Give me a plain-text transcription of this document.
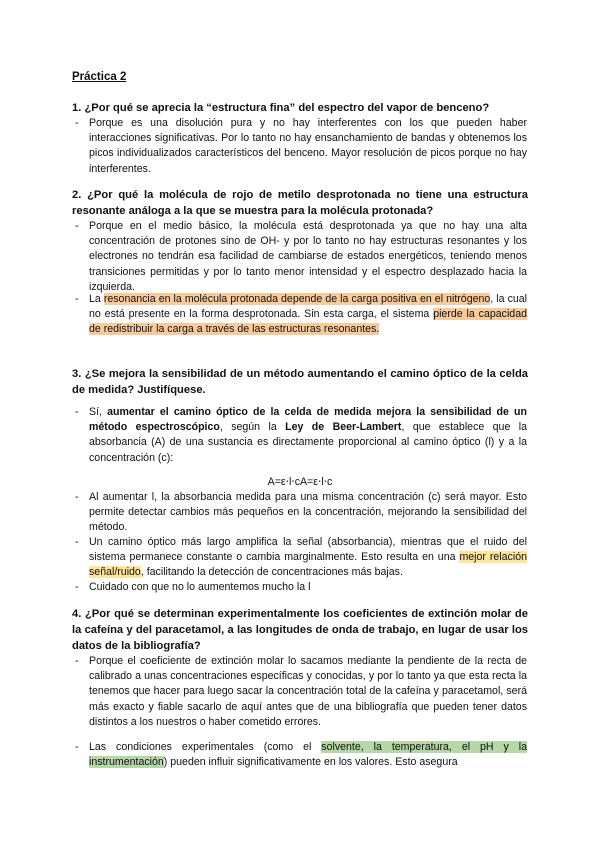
Práctica 2
1. ¿Por qué se aprecia la “estructura fina” del espectro del vapor de benceno?
- Porque es una disolución pura y no hay interferentes con los que pueden haber interacciones significativas. Por lo tanto no hay ensanchamiento de bandas y obtenemos los picos individualizados característicos del benceno. Mayor resolución de picos porque no hay interferentes.
2. ¿Por qué la molécula de rojo de metilo desprotonada no tiene una estructura resonante análoga a la que se muestra para la molécula protonada?
- Porque en el medio básico, la molécula está desprotonada ya que no hay una alta concentración de protones sino de OH- y por lo tanto no hay estructuras resonantes y los electrones no tendrán esa facilidad de cambiarse de estados energéticos, teniendo menos transiciones permitidas y por lo tanto menor intensidad y el espectro desplazado hacia la izquierda.
- La resonancia en la molécula protonada depende de la carga positiva en el nitrógeno, la cual no está presente en la forma desprotonada. Sin esta carga, el sistema pierde la capacidad de redistribuir la carga a través de las estructuras resonantes.
3. ¿Se mejora la sensibilidad de un método aumentando el camino óptico de la celda de medida? Justifíquese.
- Sí, aumentar el camino óptico de la celda de medida mejora la sensibilidad de un método espectroscópico, según la Ley de Beer-Lambert, que establece que la absorbancia (A) de una sustancia es directamente proporcional al camino óptico (l) y a la concentración (c):
A=ε⋅l⋅cA=ε⋅l⋅c
- Al aumentar l, la absorbancia medida para una misma concentración (c) será mayor. Esto permite detectar cambios más pequeños en la concentración, mejorando la sensibilidad del método.
- Un camino óptico más largo amplifica la señal (absorbancia), mientras que el ruido del sistema permanece constante o cambia marginalmente. Esto resulta en una mejor relación señal/ruido, facilitando la detección de concentraciones más bajas.
- Cuidado con que no lo aumentemos mucho la l
4. ¿Por qué se determinan experimentalmente los coeficientes de extinción molar de la cafeína y del paracetamol, a las longitudes de onda de trabajo, en lugar de usar los datos de la bibliografía?
- Porque el coeficiente de extinción molar lo sacamos mediante la pendiente de la recta de calibrado a unas concentraciones específicas y conocidas, y por lo tanto ya que esta recta la tenemos que hacer para luego sacar la concentración total de la cafeína y paracetamol, será más exacto y fiable sacarlo de aquí antes que de una bibliografía que pueden tener datos distintos a los nuestros o haber cometido errores.
- Las condiciones experimentales (como el solvente, la temperatura, el pH y la instrumentación) pueden influir significativamente en los valores. Esto asegura
